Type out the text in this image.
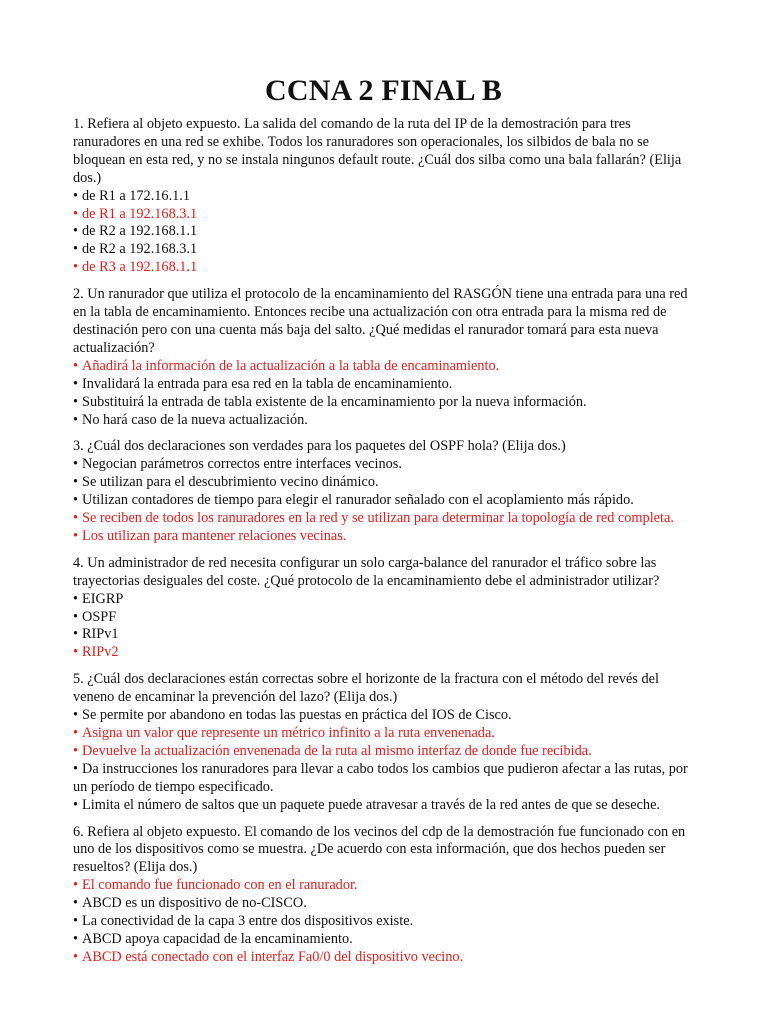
CCNA 2 FINAL B
1. Refiera al objeto expuesto. La salida del comando de la ruta del IP de la demostración para tres ranuradores en una red se exhibe. Todos los ranuradores son operacionales, los silbidos de bala no se bloquean en esta red, y no se instala ningunos default route. ¿Cuál dos silba como una bala fallarán? (Elija dos.)
• de R1 a 172.16.1.1
• de R1 a 192.168.3.1
• de R2 a 192.168.1.1
• de R2 a 192.168.3.1
• de R3 a 192.168.1.1
2. Un ranurador que utiliza el protocolo de la encaminamiento del RASGÓN tiene una entrada para una red en la tabla de encaminamiento. Entonces recibe una actualización con otra entrada para la misma red de destinación pero con una cuenta más baja del salto. ¿Qué medidas el ranurador tomará para esta nueva actualización?
• Añadirá la información de la actualización a la tabla de encaminamiento.
• Invalidará la entrada para esa red en la tabla de encaminamiento.
• Substituirá la entrada de tabla existente de la encaminamiento por la nueva información.
• No hará caso de la nueva actualización.
3. ¿Cuál dos declaraciones son verdades para los paquetes del OSPF hola? (Elija dos.)
• Negocian parámetros correctos entre interfaces vecinos.
• Se utilizan para el descubrimiento vecino dinámico.
• Utilizan contadores de tiempo para elegir el ranurador señalado con el acoplamiento más rápido.
• Se reciben de todos los ranuradores en la red y se utilizan para determinar la topología de red completa.
• Los utilizan para mantener relaciones vecinas.
4. Un administrador de red necesita configurar un solo carga-balance del ranurador el tráfico sobre las trayectorias desiguales del coste. ¿Qué protocolo de la encaminamiento debe el administrador utilizar?
• EIGRP
• OSPF
• RIPv1
• RIPv2
5. ¿Cuál dos declaraciones están correctas sobre el horizonte de la fractura con el método del revés del veneno de encaminar la prevención del lazo? (Elija dos.)
• Se permite por abandono en todas las puestas en práctica del IOS de Cisco.
• Asigna un valor que represente un métrico infinito a la ruta envenenada.
• Devuelve la actualización envenenada de la ruta al mismo interfaz de donde fue recibida.
• Da instrucciones los ranuradores para llevar a cabo todos los cambios que pudieron afectar a las rutas, por un período de tiempo especificado.
• Limita el número de saltos que un paquete puede atravesar a través de la red antes de que se deseche.
6. Refiera al objeto expuesto. El comando de los vecinos del cdp de la demostración fue funcionado con en uno de los dispositivos como se muestra. ¿De acuerdo con esta información, que dos hechos pueden ser resueltos? (Elija dos.)
• El comando fue funcionado con en el ranurador.
• ABCD es un dispositivo de no-CISCO.
• La conectividad de la capa 3 entre dos dispositivos existe.
• ABCD apoya capacidad de la encaminamiento.
• ABCD está conectado con el interfaz Fa0/0 del dispositivo vecino.
